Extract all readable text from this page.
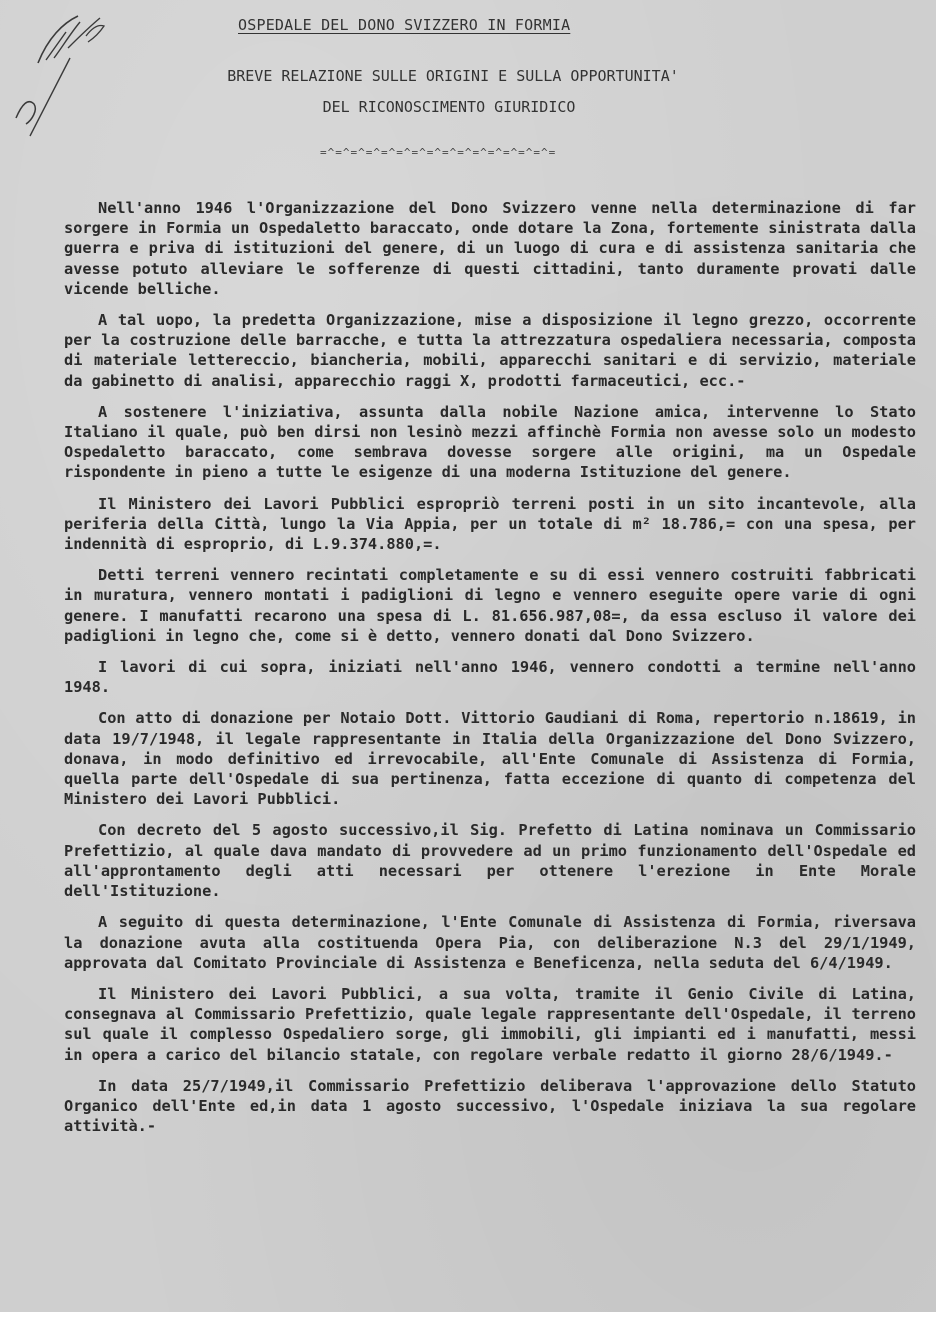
OSPEDALE DEL DONO SVIZZERO IN FORMIA
BREVE RELAZIONE SULLE ORIGINI E SULLA OPPORTUNITA'
DEL RICONOSCIMENTO GIURIDICO
=^=^=^=^=^=^=^=^=^=^=^=^=^=^=^=

Nell'anno 1946 l'Organizzazione del Dono Svizzero venne nella determinazione di far sorgere in Formia un Ospedaletto baraccato, onde dotare la Zona, fortemente sinistrata dalla guerra e priva di istituzioni del genere, di un luogo di cura e di assistenza sanitaria che avesse potuto alleviare le sofferenze di questi cittadini, tanto duramente provati dalle vicende belliche.

A tal uopo, la predetta Organizzazione, mise a disposizione il legno grezzo, occorrente per la costruzione delle barracche, e tutta la attrezzatura ospedaliera necessaria, composta di materiale lettereccio, biancheria, mobili, apparecchi sanitari e di servizio, materiale da gabinetto di analisi, apparecchio raggi X, prodotti farmaceutici, ecc.-

A sostenere l'iniziativa, assunta dalla nobile Nazione amica, intervenne lo Stato Italiano il quale, può ben dirsi non lesinò mezzi affinchè Formia non avesse solo un modesto Ospedaletto baraccato, come sembrava dovesse sorgere alle origini, ma un Ospedale rispondente in pieno a tutte le esigenze di una moderna Istituzione del genere.

Il Ministero dei Lavori Pubblici espropriò terreni posti in un sito incantevole, alla periferia della Città, lungo la Via Appia, per un totale di m² 18.786,= con una spesa, per indennità di esproprio, di L.9.374.880,=.

Detti terreni vennero recintati completamente e su di essi vennero costruiti fabbricati in muratura, vennero montati i padiglioni di legno e vennero eseguite opere varie di ogni genere. I manufatti recarono una spesa di L. 81.656.987,08=, da essa escluso il valore dei padiglioni in legno che, come si è detto, vennero donati dal Dono Svizzero.

I lavori di cui sopra, iniziati nell'anno 1946, vennero condotti a termine nell'anno 1948.

Con atto di donazione per Notaio Dott. Vittorio Gaudiani di Roma, repertorio n.18619, in data 19/7/1948, il legale rappresentante in Italia della Organizzazione del Dono Svizzero, donava, in modo definitivo ed irrevocabile, all'Ente Comunale di Assistenza di Formia, quella parte dell'Ospedale di sua pertinenza, fatta eccezione di quanto di competenza del Ministero dei Lavori Pubblici.

Con decreto del 5 agosto successivo,il Sig. Prefetto di Latina nominava un Commissario Prefettizio, al quale dava mandato di provvedere ad un primo funzionamento dell'Ospedale ed all'approntamento degli atti necessari per ottenere l'erezione in Ente Morale dell'Istituzione.

A seguito di questa determinazione, l'Ente Comunale di Assistenza di Formia, riversava la donazione avuta alla costituenda Opera Pia, con deliberazione N.3 del 29/1/1949, approvata dal Comitato Provinciale di Assistenza e Beneficenza, nella seduta del 6/4/1949.

Il Ministero dei Lavori Pubblici, a sua volta, tramite il Genio Civile di Latina, consegnava al Commissario Prefettizio, quale legale rappresentante dell'Ospedale, il terreno sul quale il complesso Ospedaliero sorge, gli immobili, gli impianti ed i manufatti, messi in opera a carico del bilancio statale, con regolare verbale redatto il giorno 28/6/1949.-

In data 25/7/1949,il Commissario Prefettizio deliberava l'approvazione dello Statuto Organico dell'Ente ed,in data 1 agosto successivo, l'Ospedale iniziava la sua regolare attività.-
